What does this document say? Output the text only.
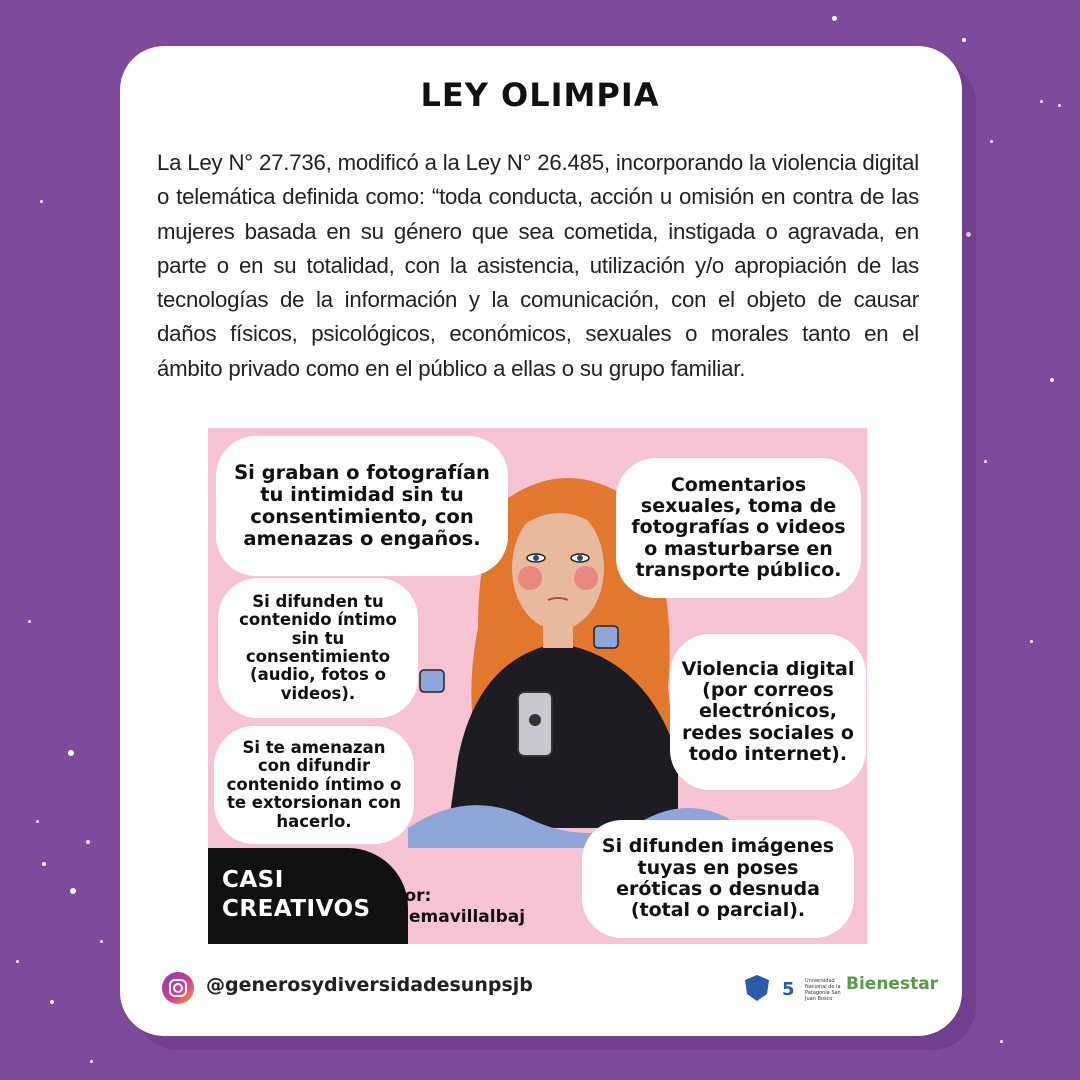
LEY OLIMPIA
La Ley N° 27.736, modificó a la Ley N° 26.485, incorporando la violencia digital o telemática definida como: “toda conducta, acción u omisión en contra de las mujeres basada en su género que sea cometida, instigada o agravada, en parte o en su totalidad, con la asistencia, utilización y/o apropiación de las tecnologías de la información y la comunicación, con el objeto de causar daños físicos, psicológicos, económicos, sexuales o morales tanto en el ámbito privado como en el público a ellas o su grupo familiar.
Si graban o fotografían tu intimidad sin tu consentimiento, con amenazas o engaños.
Si difunden tu contenido íntimo sin tu consentimiento (audio, fotos o videos).
Si te amenazan con difundir contenido íntimo o te extorsionan con hacerlo.
Comentarios sexuales, toma de fotografías o videos o masturbarse en transporte público.
Violencia digital (por correos electrónicos, redes sociales o todo internet).
Si difunden imágenes tuyas en poses eróticas o desnuda (total o parcial).
CASI
CREATIVOS Por:
@emavillalbaj
@generosydiversidadesunpsjb	5 Universidad Nacional de la Patagonia San Juan Bosco
Bienestar
